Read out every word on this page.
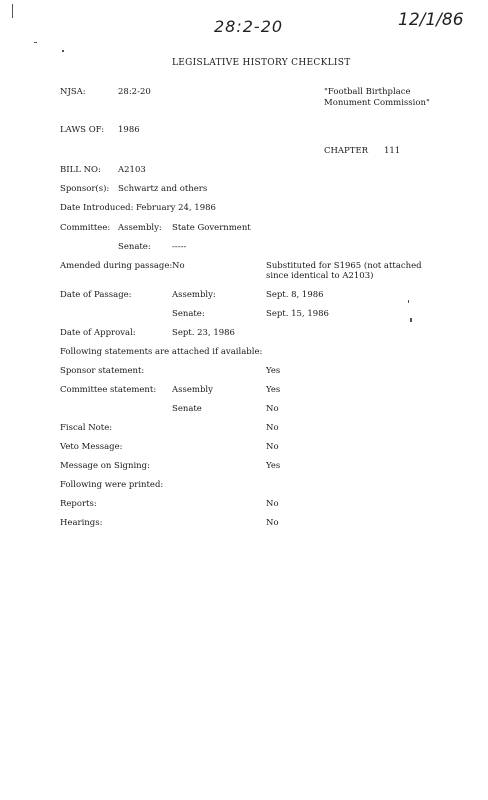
28:2-20	12/1/86
LEGISLATIVE HISTORY CHECKLIST
NJSA:	28:2-20	"Football Birthplace
Monument Commission"
LAWS OF: 1986
CHAPTER 111
BILL NO: A2103
Sponsor(s): Schwartz and others
Date Introduced: February 24, 1986
Committee: Assembly: State Government
Senate:	-----
Amended during passage: No	Substituted for S1965 (not attached
since identical to A2103)
Date of Passage:	Assembly:	Sept. 8, 1986
Senate:	Sept. 15, 1986
Date of Approval:	Sept. 23, 1986
Following statements are attached if available:
Sponsor statement:	Yes
Committee statement: Assembly	Yes
Senate	No
Fiscal Note:	No
Veto Message:	No
Message on Signing:	Yes
Following were printed:
Reports:	No
Hearings:	No
